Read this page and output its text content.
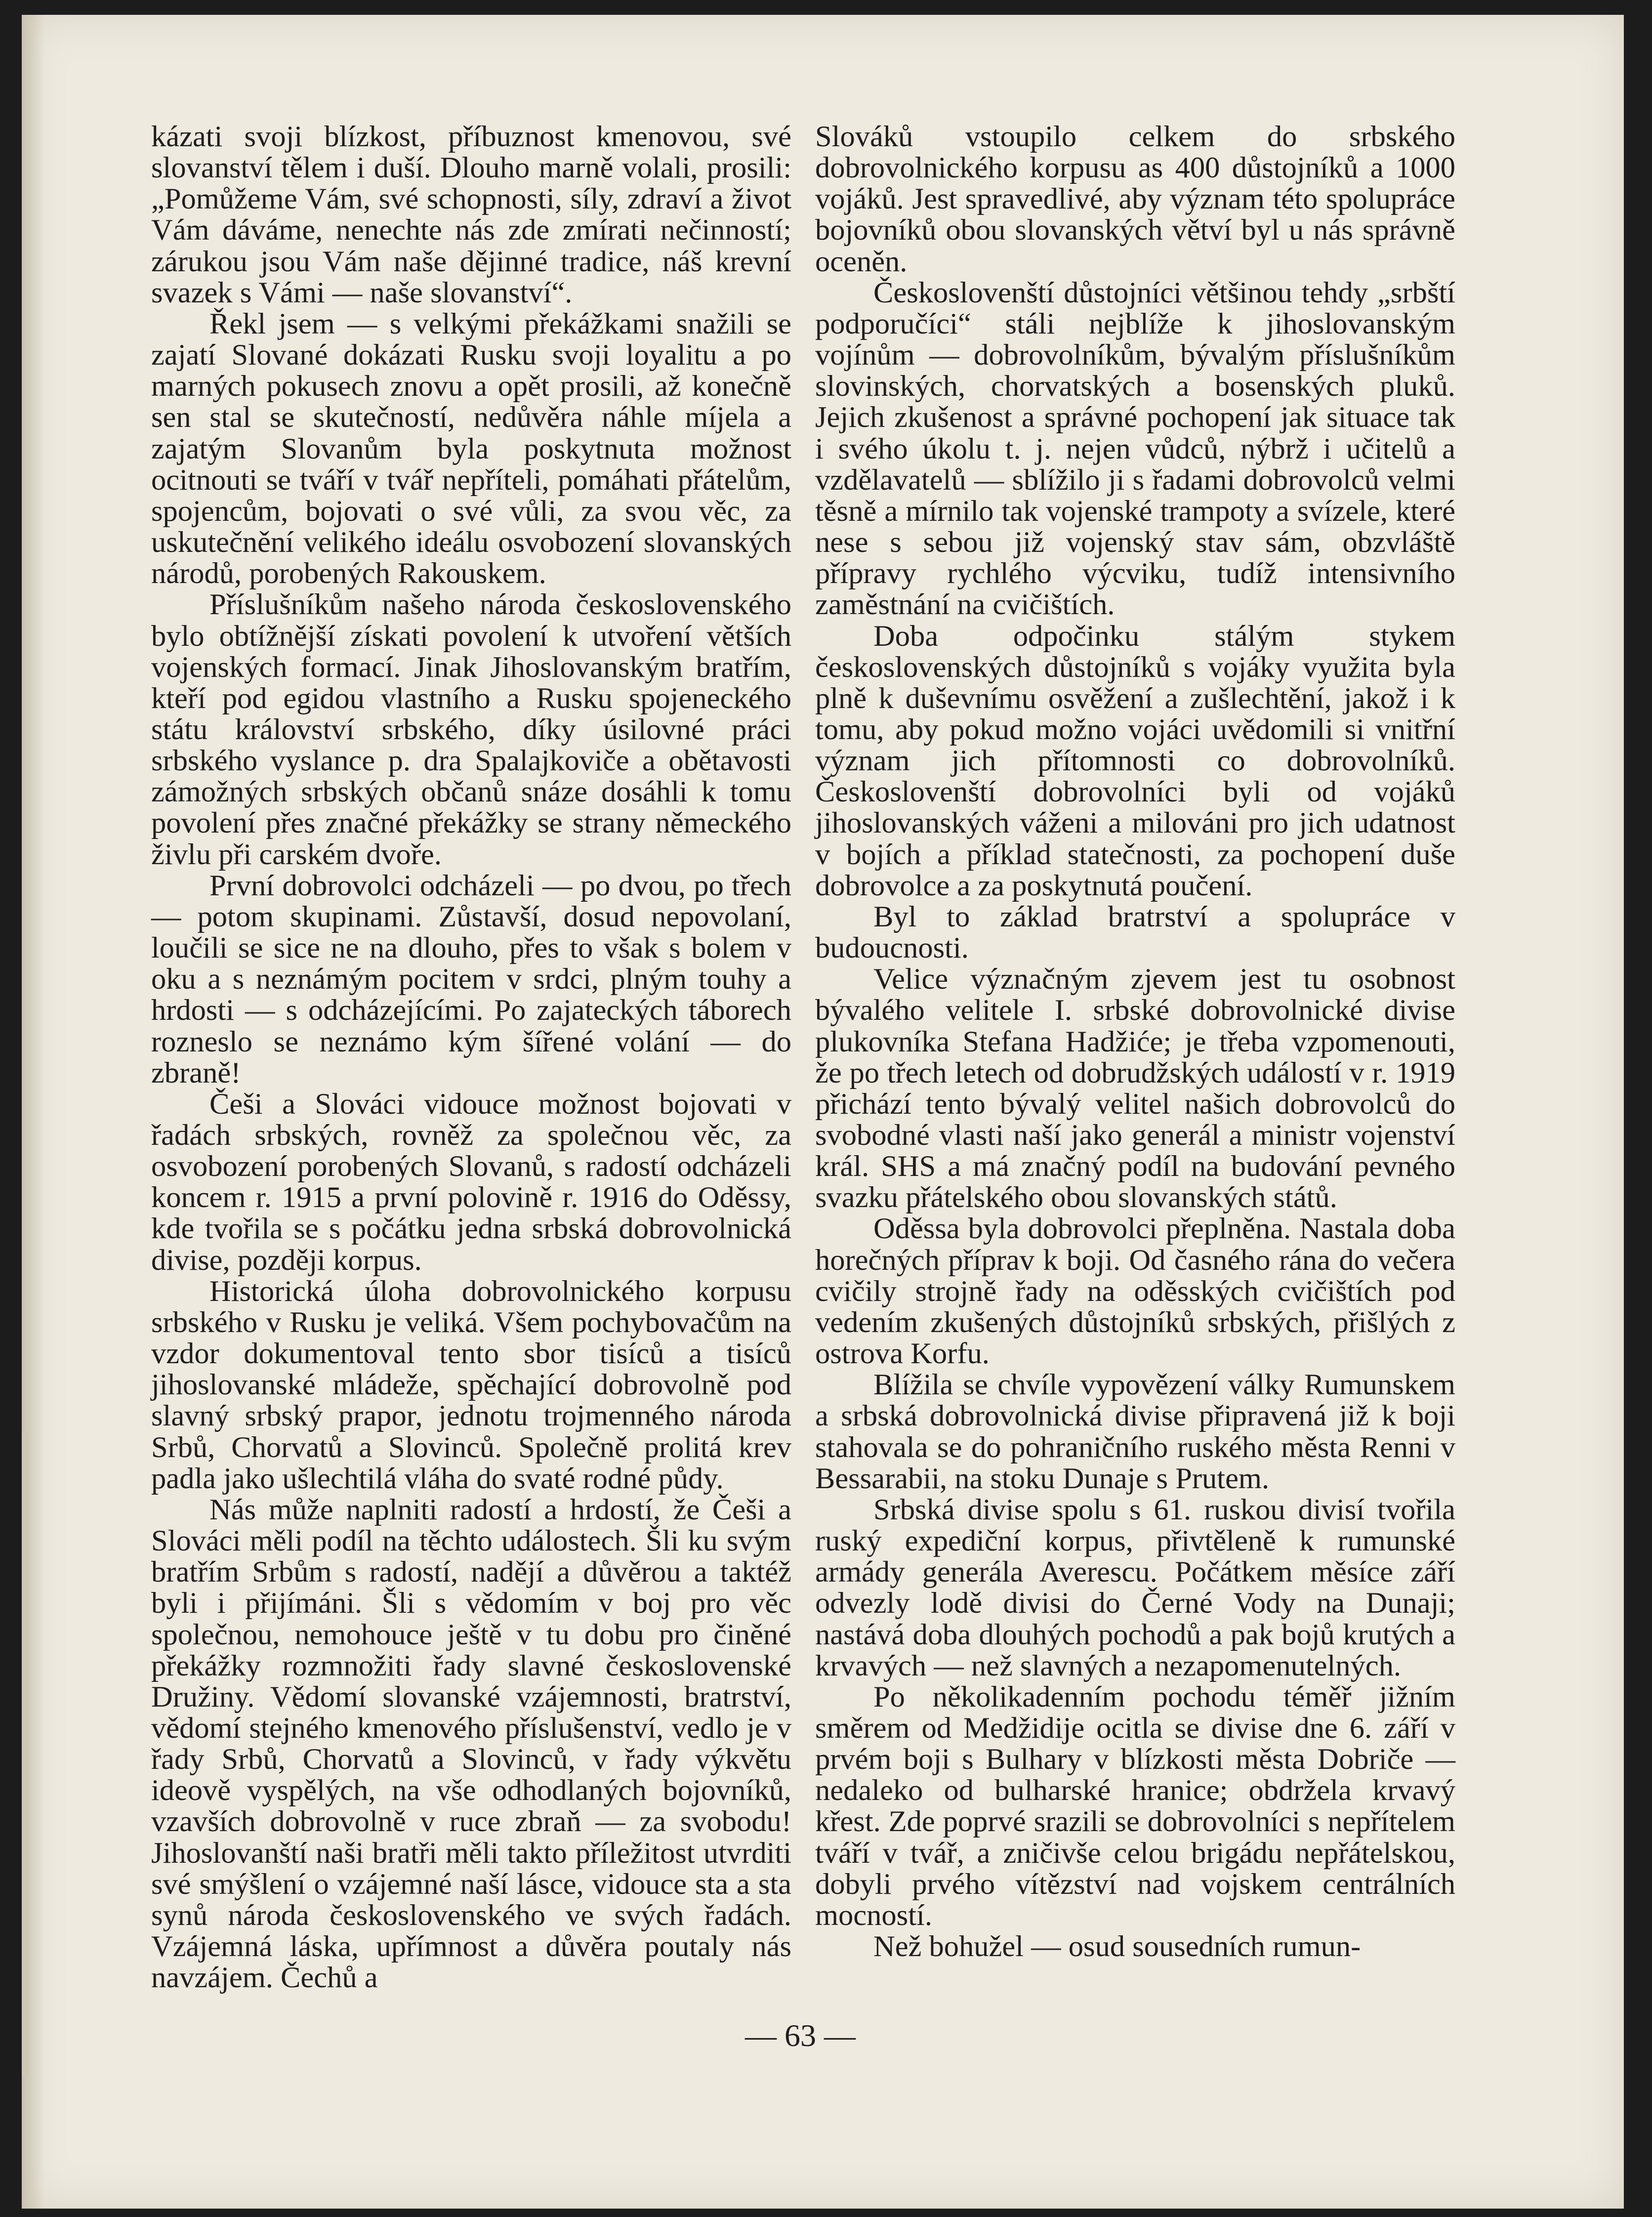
kázati svoji blízkost, příbuznost kmenovou, své slovanství tělem i duší. Dlouho marně volali, prosili: „Pomůžeme Vám, své schopnosti, síly, zdraví a život Vám dáváme, nenechte nás zde zmírati nečinností; zárukou jsou Vám naše dějinné tradice, náš krevní svazek s Vámi — naše slovanství“.

Řekl jsem — s velkými překážkami snažili se zajatí Slované dokázati Rusku svoji loyalitu a po marných pokusech znovu a opět prosili, až konečně sen stal se skutečností, nedůvěra náhle míjela a zajatým Slovanům byla poskytnuta možnost ocitnouti se tváří v tvář nepříteli, pomáhati přátelům, spojencům, bojovati o své vůli, za svou věc, za uskutečnění velikého ideálu osvobození slovanských národů, porobených Rakouskem.

Příslušníkům našeho národa československého bylo obtížnější získati povolení k utvoření větších vojenských formací. Jinak Jihoslovanským bratřím, kteří pod egidou vlastního a Rusku spojeneckého státu království srbského, díky úsilovné práci srbského vyslance p. dra Spalajkoviče a obětavosti zámožných srbských občanů snáze dosáhli k tomu povolení přes značné překážky se strany německého živlu při carském dvoře.

První dobrovolci odcházeli — po dvou, po třech — potom skupinami. Zůstavší, dosud nepovolaní, loučili se sice ne na dlouho, přes to však s bolem v oku a s neznámým pocitem v srdci, plným touhy a hrdosti — s odcházejícími. Po zajateckých táborech rozneslo se neznámo kým šířené volání — do zbraně!

Češi a Slováci vidouce možnost bojovati v řadách srbských, rovněž za společnou věc, za osvobození porobených Slovanů, s radostí odcházeli koncem r. 1915 a první polovině r. 1916 do Oděssy, kde tvořila se s počátku jedna srbská dobrovolnická divise, později korpus.

Historická úloha dobrovolnického korpusu srbského v Rusku je veliká. Všem pochybovačům na vzdor dokumentoval tento sbor tisíců a tisíců jihoslovanské mládeže, spěchající dobrovolně pod slavný srbský prapor, jednotu trojmenného národa Srbů, Chorvatů a Slovinců. Společně prolitá krev padla jako ušlechtilá vláha do svaté rodné půdy.

Nás může naplniti radostí a hrdostí, že Češi a Slováci měli podíl na těchto událostech. Šli ku svým bratřím Srbům s radostí, nadějí a důvěrou a taktéž byli i přijímáni. Šli s vědomím v boj pro věc společnou, nemohouce ještě v tu dobu pro činěné překážky rozmnožiti řady slavné československé Družiny. Vědomí slovanské vzájemnosti, bratrství, vědomí stejného kmenového příslušenství, vedlo je v řady Srbů, Chorvatů a Slovinců, v řady výkvětu ideově vyspělých, na vše odhodlaných bojovníků, vzavších dobrovolně v ruce zbraň — za svobodu! Jihoslovanští naši bratři měli takto příležitost utvrditi své smýšlení o vzájemné naší lásce, vidouce sta a sta synů národa československého ve svých řadách. Vzájemná láska, upřímnost a důvěra poutaly nás navzájem. Čechů a

Slováků vstoupilo celkem do srbského dobrovolnického korpusu as 400 důstojníků a 1000 vojáků. Jest spravedlivé, aby význam této spolupráce bojovníků obou slovanských větví byl u nás správně oceněn.

Českoslovenští důstojníci většinou tehdy „srbští podporučíci“ stáli nejblíže k jihoslovanským vojínům — dobrovolníkům, bývalým příslušníkům slovinských, chorvatských a bosenských pluků. Jejich zkušenost a správné pochopení jak situace tak i svého úkolu t. j. nejen vůdců, nýbrž i učitelů a vzdělavatelů — sblížilo ji s řadami dobrovolců velmi těsně a mírnilo tak vojenské trampoty a svízele, které nese s sebou již vojenský stav sám, obzvláště přípravy rychlého výcviku, tudíž intensivního zaměstnání na cvičištích.

Doba odpočinku stálým stykem československých důstojníků s vojáky využita byla plně k duševnímu osvěžení a zušlechtění, jakož i k tomu, aby pokud možno vojáci uvědomili si vnitřní význam jich přítomnosti co dobrovolníků. Českoslovenští dobrovolníci byli od vojáků jihoslovanských váženi a milováni pro jich udatnost v bojích a příklad statečnosti, za pochopení duše dobrovolce a za poskytnutá poučení.

Byl to základ bratrství a spolupráce v budoucnosti.

Velice význačným zjevem jest tu osobnost bývalého velitele I. srbské dobrovolnické divise plukovníka Stefana Hadžiće; je třeba vzpomenouti, že po třech letech od dobrudžských událostí v r. 1919 přichází tento bývalý velitel našich dobrovolců do svobodné vlasti naší jako generál a ministr vojenství král. SHS a má značný podíl na budování pevného svazku přátelského obou slovanských států.

Oděssa byla dobrovolci přeplněna. Nastala doba horečných příprav k boji. Od časného rána do večera cvičily strojně řady na oděsských cvičištích pod vedením zkušených důstojníků srbských, přišlých z ostrova Korfu.

Blížila se chvíle vypovězení války Rumunskem a srbská dobrovolnická divise připravená již k boji stahovala se do pohraničního ruského města Renni v Bessarabii, na stoku Dunaje s Prutem.

Srbská divise spolu s 61. ruskou divisí tvořila ruský expediční korpus, přivtěleně k rumunské armády generála Averescu. Počátkem měsíce září odvezly lodě divisi do Černé Vody na Dunaji; nastává doba dlouhých pochodů a pak bojů krutých a krvavých — než slavných a nezapomenutelných.

Po několikadenním pochodu téměř jižním směrem od Medžidije ocitla se divise dne 6. září v prvém boji s Bulhary v blízkosti města Dobriče — nedaleko od bulharské hranice; obdržela krvavý křest. Zde poprvé srazili se dobrovolníci s nepřítelem tváří v tvář, a zničivše celou brigádu nepřátelskou, dobyli prvého vítězství nad vojskem centrálních mocností.

Než bohužel — osud sousedních rumun-

— 63 —
